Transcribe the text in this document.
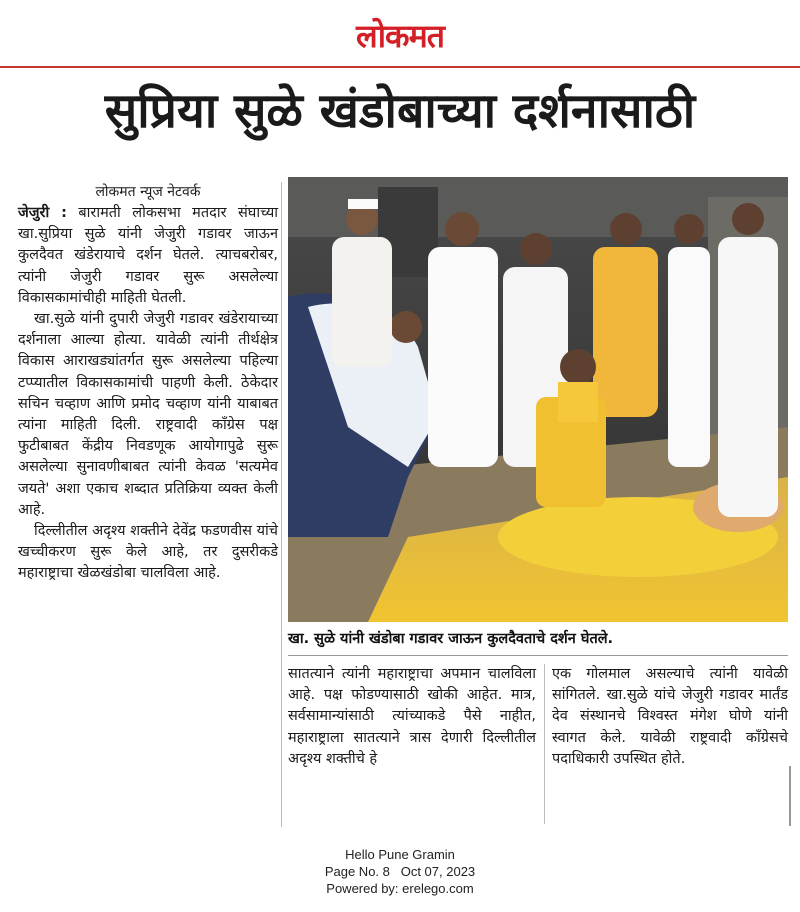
लोकमत
सुप्रिया सुळे खंडोबाच्या दर्शनासाठी
लोकमत न्यूज नेटवर्क

जेजुरी : बारामती लोकसभा मतदार संघाच्या खा.सुप्रिया सुळे यांनी जेजुरी गडावर जाऊन कुलदैवत खंडेरायाचे दर्शन घेतले. त्याचबरोबर, त्यांनी जेजुरी गडावर सुरू असलेल्या विकासकामांचीही माहिती घेतली.

खा.सुळे यांनी दुपारी जेजुरी गडावर खंडेरायाच्या दर्शनाला आल्या होत्या. यावेळी त्यांनी तीर्थक्षेत्र विकास आराखड्यांतर्गत सुरू असलेल्या पहिल्या टप्प्यातील विकासकामांची पाहणी केली. ठेकेदार सचिन चव्हाण आणि प्रमोद चव्हाण यांनी याबाबत त्यांना माहिती दिली. राष्ट्रवादी काँग्रेस पक्ष फुटीबाबत केंद्रीय निवडणूक आयोगापुढे सुरू असलेल्या सुनावणीबाबत त्यांनी केवळ 'सत्यमेव जयते' अशा एकाच शब्दात प्रतिक्रिया व्यक्त केली आहे.

दिल्लीतील अदृश्य शक्तीने देवेंद्र फडणवीस यांचे खच्चीकरण सुरू केले आहे, तर दुसरीकडे महाराष्ट्राचा खेळखंडोबा चालविला आहे.

खा. सुळे यांनी खंडोबा गडावर जाऊन कुलदैवताचे दर्शन घेतले.

सातत्याने त्यांनी महाराष्ट्राचा अपमान चालविला आहे. पक्ष फोडण्यासाठी खोकी आहेत. मात्र, सर्वसामान्यांसाठी त्यांच्याकडे पैसे नाहीत, महाराष्ट्राला सातत्याने त्रास देणारी दिल्लीतील अदृश्य शक्तीचे हे

एक गोलमाल असल्याचे त्यांनी यावेळी सांगितले. खा.सुळे यांचे जेजुरी गडावर मार्तंड देव संस्थानचे विश्वस्त मंगेश घोणे यांनी स्वागत केले. यावेळी राष्ट्रवादी काँग्रेसचे पदाधिकारी उपस्थित होते.

Hello Pune Gramin
Page No. 8 Oct 07, 2023
Powered by: erelego.com
